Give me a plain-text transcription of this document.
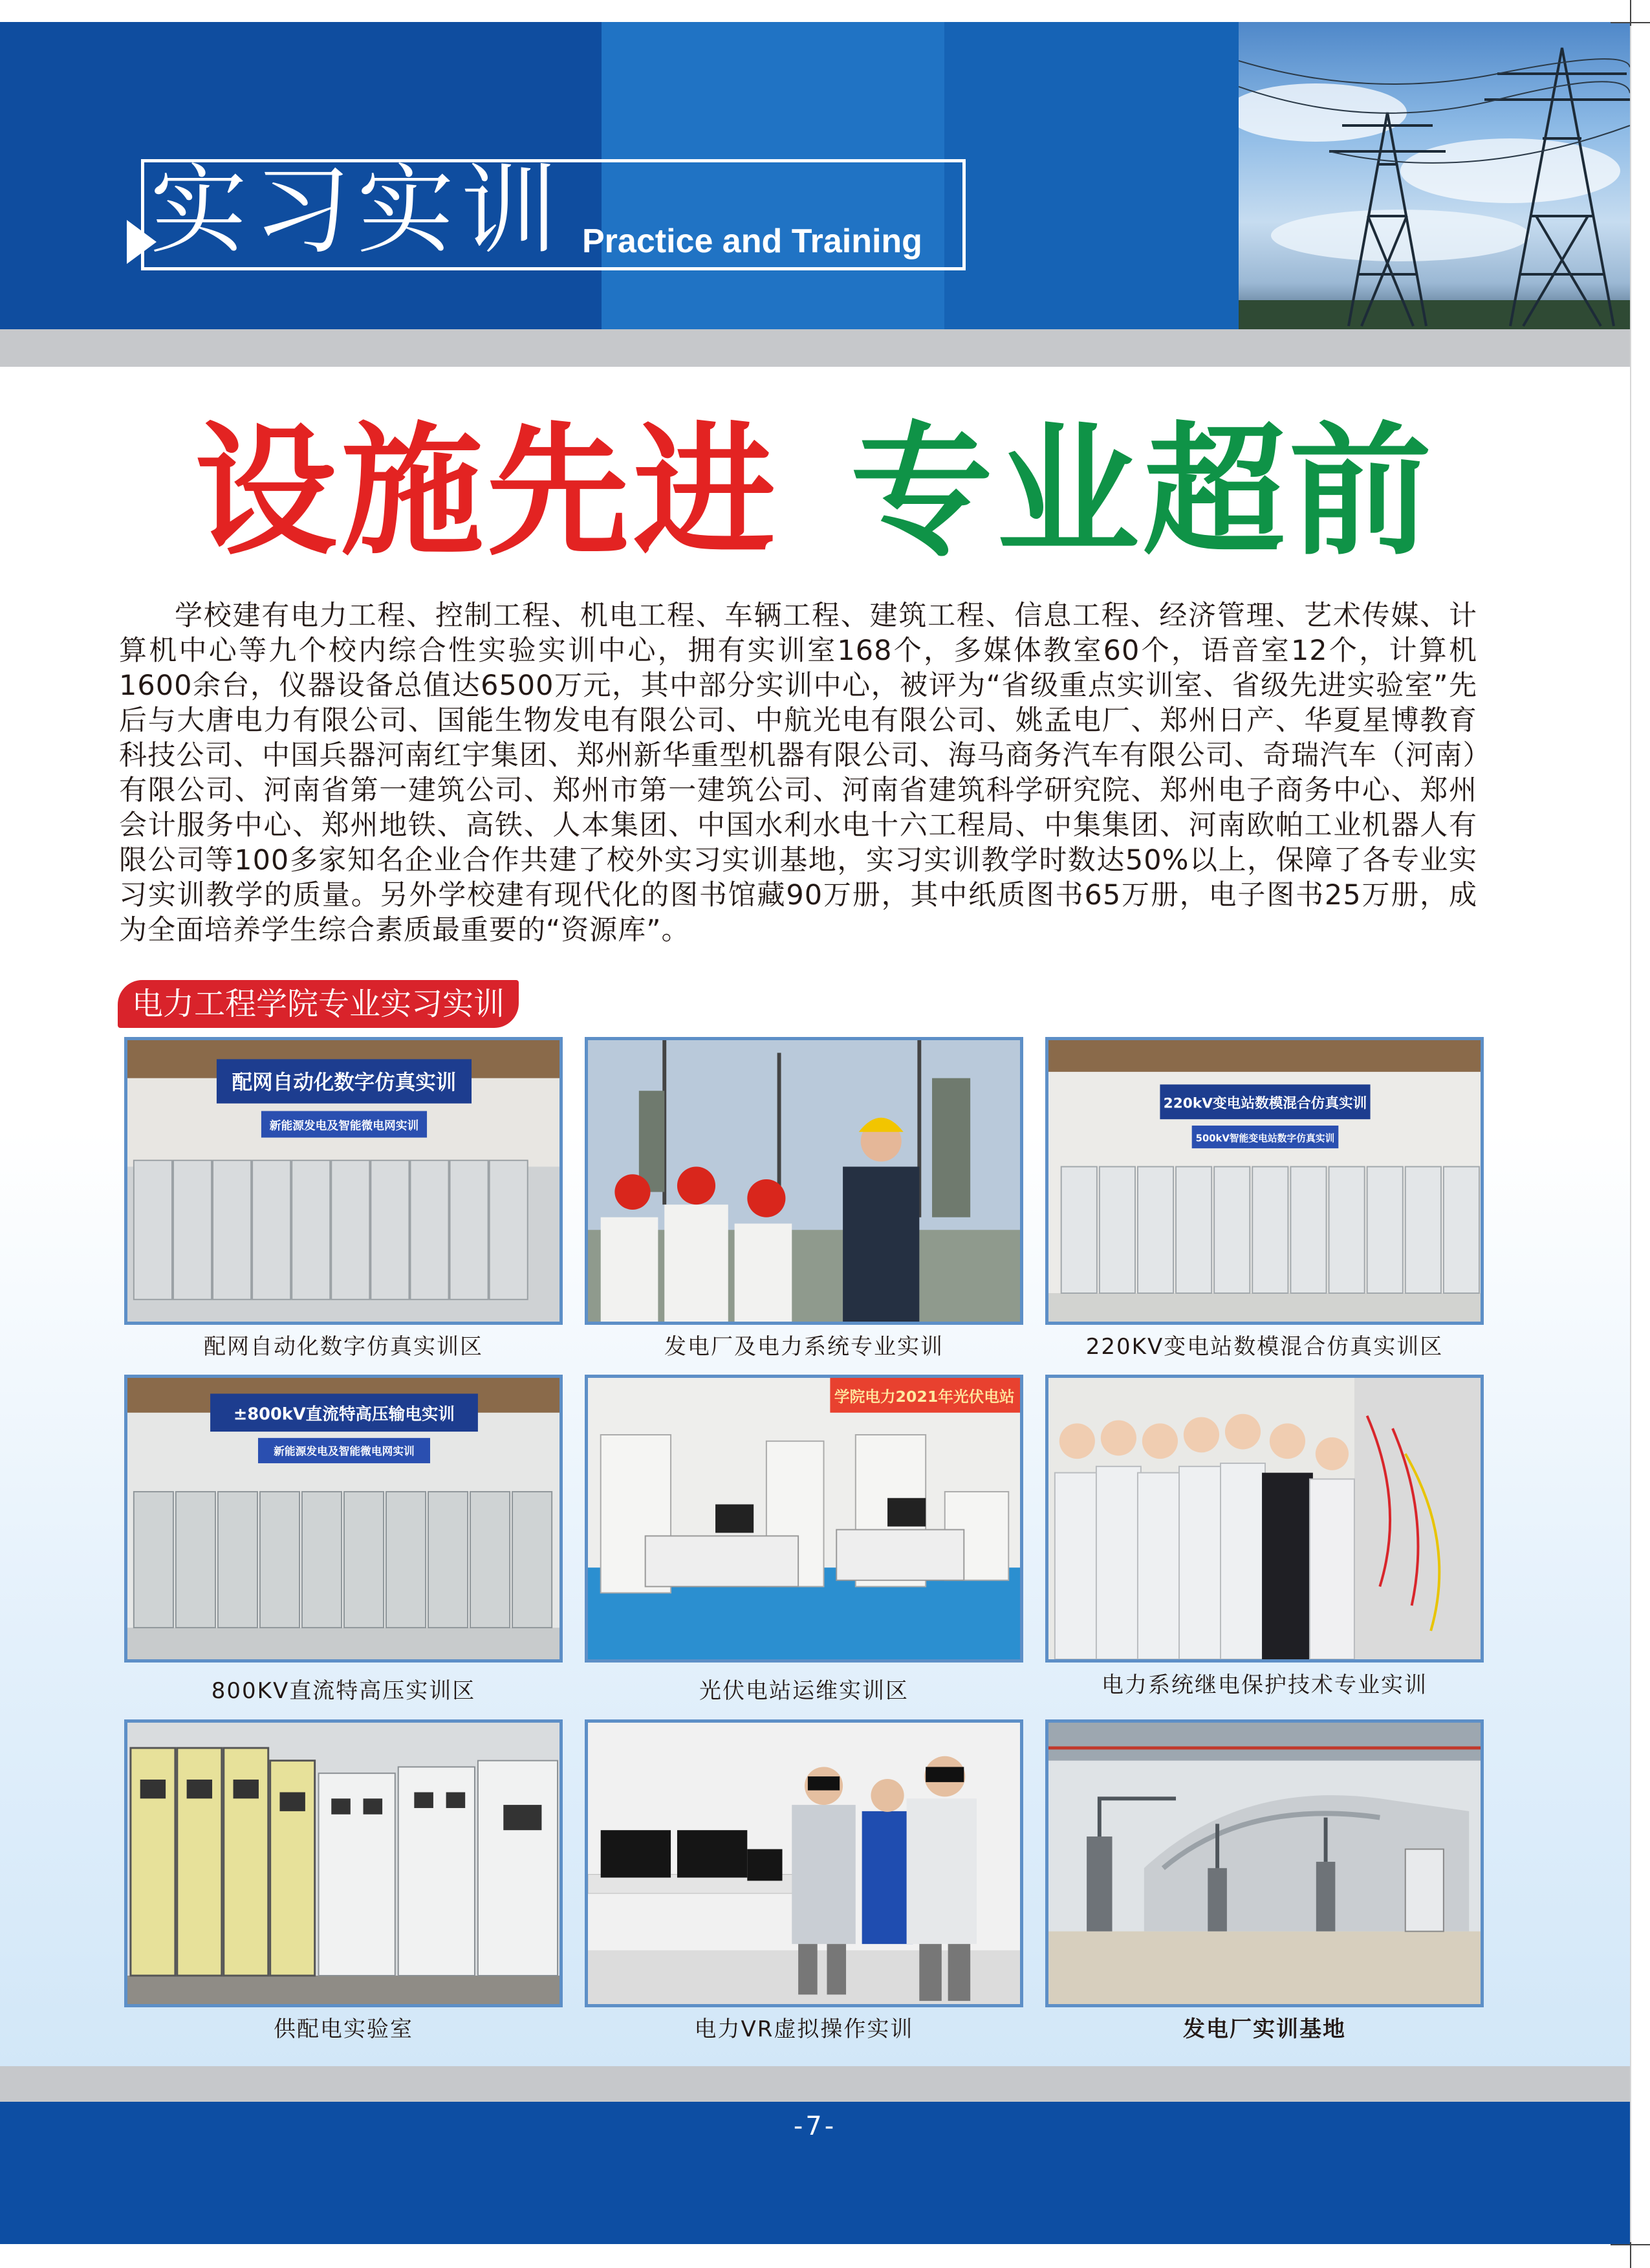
实习实训 Practice and Training
设施先进 专业超前
学校建有电力工程、控制工程、机电工程、车辆工程、建筑工程、信息工程、经济管理、艺术传媒、计算机中心等九个校内综合性实验实训中心，拥有实训室168个，多媒体教室60个，语音室12个，计算机1600余台，仪器设备总值达6500万元，其中部分实训中心，被评为“省级重点实训室、省级先进实验室”先后与大唐电力有限公司、国能生物发电有限公司、中航光电有限公司、姚孟电厂、郑州日产、华夏星博教育科技公司、中国兵器河南红宇集团、郑州新华重型机器有限公司、海马商务汽车有限公司、奇瑞汽车（河南）有限公司、河南省第一建筑公司、郑州市第一建筑公司、河南省建筑科学研究院、郑州电子商务中心、郑州会计服务中心、郑州地铁、高铁、人本集团、中国水利水电十六工程局、中集集团、河南欧帕工业机器人有限公司等100多家知名企业合作共建了校外实习实训基地，实习实训教学时数达50%以上，保障了各专业实习实训教学的质量。另外学校建有现代化的图书馆藏90万册，其中纸质图书65万册，电子图书25万册，成为全面培养学生综合素质最重要的“资源库”。
电力工程学院专业实习实训
配网自动化数字仿真实训
新能源发电及智能微电网实训
配网自动化数字仿真实训区	发电厂及电力系统专业实训
220kV变电站数模混合仿真实训
500kV智能变电站数字仿真实训
220KV变电站数模混合仿真实训区
±800kV直流特高压输电实训
新能源发电及智能微电网实训
800KV直流特高压实训区
学院电力2021年光伏电站
光伏电站运维实训区	电力系统继电保护技术专业实训
供配电实验室	电力VR虚拟操作实训	发电厂实训基地
-7-
